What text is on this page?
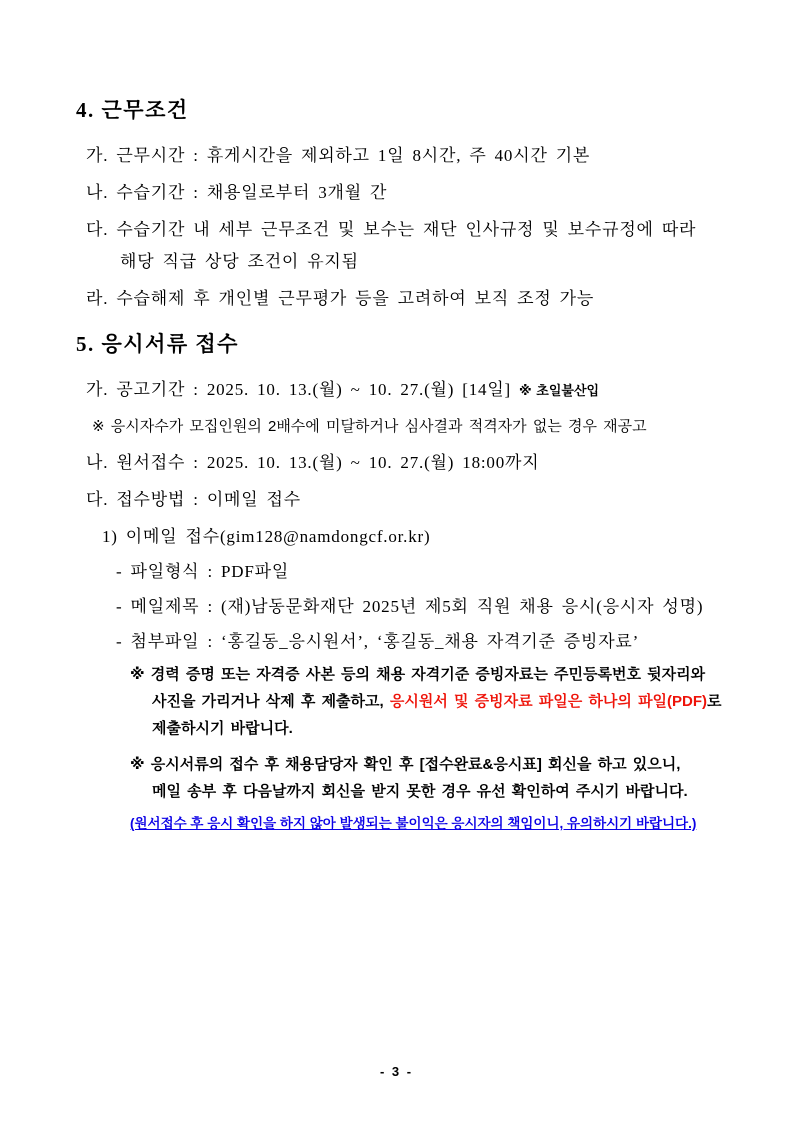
4. 근무조건

가. 근무시간 : 휴게시간을 제외하고 1일 8시간, 주 40시간 기본

나. 수습기간 : 채용일로부터 3개월 간

다. 수습기간 내 세부 근무조건 및 보수는 재단 인사규정 및 보수규정에 따라 해당 직급 상당 조건이 유지됨

라. 수습해제 후 개인별 근무평가 등을 고려하여 보직 조정 가능

5. 응시서류 접수

가. 공고기간 : 2025. 10. 13.(월) ~ 10. 27.(월) [14일] ※ 초일불산입

※ 응시자수가 모집인원의 2배수에 미달하거나 심사결과 적격자가 없는 경우 재공고

나. 원서접수 : 2025. 10. 13.(월) ~ 10. 27.(월) 18:00까지

다. 접수방법 : 이메일 접수

1) 이메일 접수(gim128@namdongcf.or.kr)

- 파일형식 : PDF파일

- 메일제목 : (재)남동문화재단 2025년 제5회 직원 채용 응시(응시자 성명)

- 첨부파일 : ‘홍길동_응시원서’, ‘홍길동_채용 자격기준 증빙자료’

※ 경력 증명 또는 자격증 사본 등의 채용 자격기준 증빙자료는 주민등록번호 뒷자리와
사진을 가리거나 삭제 후 제출하고, 응시원서 및 증빙자료 파일은 하나의 파일(PDF)로
제출하시기 바랍니다.

※ 응시서류의 접수 후 채용담당자 확인 후 [접수완료&응시표] 회신을 하고 있으니,
메일 송부 후 다음날까지 회신을 받지 못한 경우 유선 확인하여 주시기 바랍니다.

(원서접수 후 응시 확인을 하지 않아 발생되는 불이익은 응시자의 책임이니, 유의하시기 바랍니다.)

- 3 -
